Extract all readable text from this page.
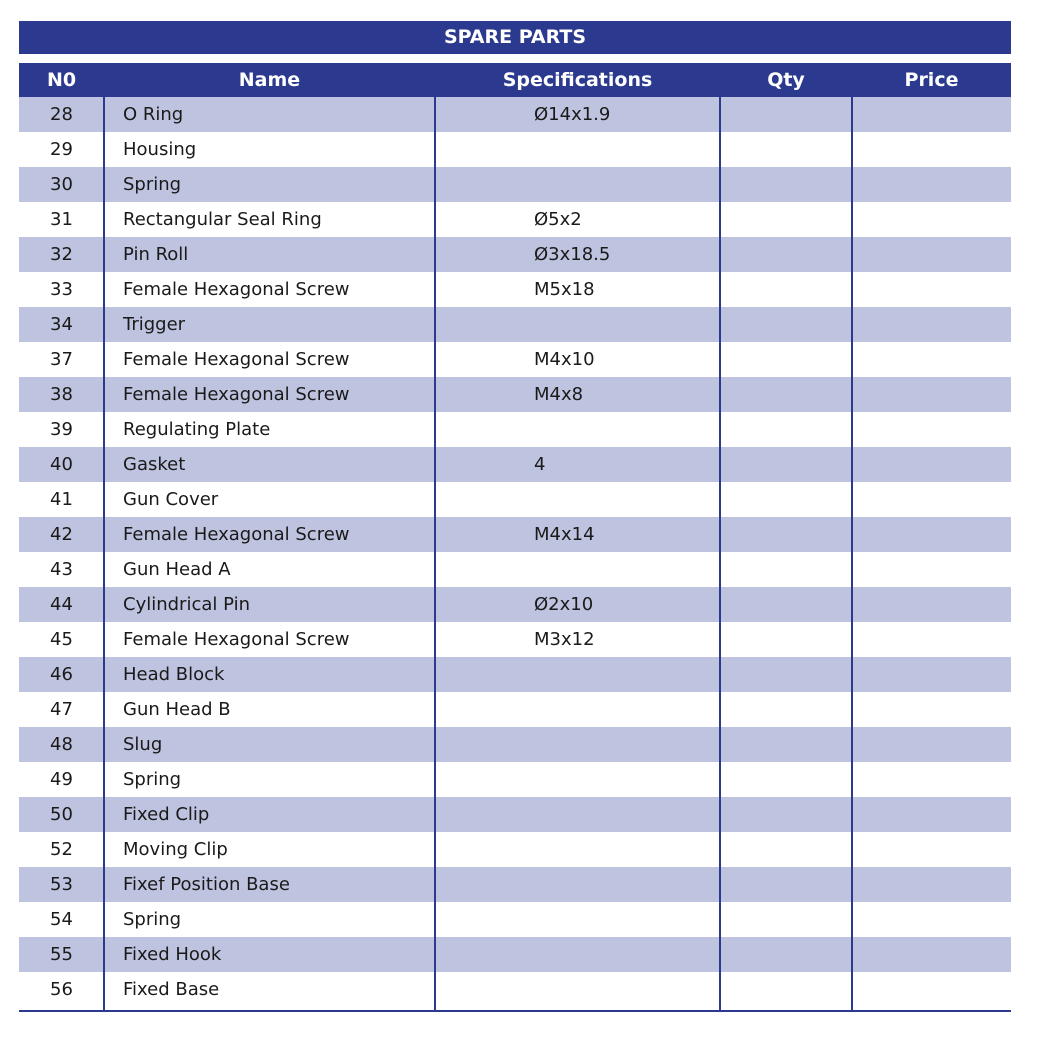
SPARE PARTS
N0	Name	Specifications	Qty	Price
28	O Ring	Ø14x1.9
29	Housing
30	Spring
31	Rectangular Seal Ring	Ø5x2
32	Pin Roll	Ø3x18.5
33	Female Hexagonal Screw	M5x18
34	Trigger
37	Female Hexagonal Screw	M4x10
38	Female Hexagonal Screw	M4x8
39	Regulating Plate
40	Gasket	4
41	Gun Cover
42	Female Hexagonal Screw	M4x14
43	Gun Head A
44	Cylindrical Pin	Ø2x10
45	Female Hexagonal Screw	M3x12
46	Head Block
47	Gun Head B
48	Slug
49	Spring
50	Fixed Clip
52	Moving Clip
53	Fixef Position Base
54	Spring
55	Fixed Hook
56	Fixed Base
